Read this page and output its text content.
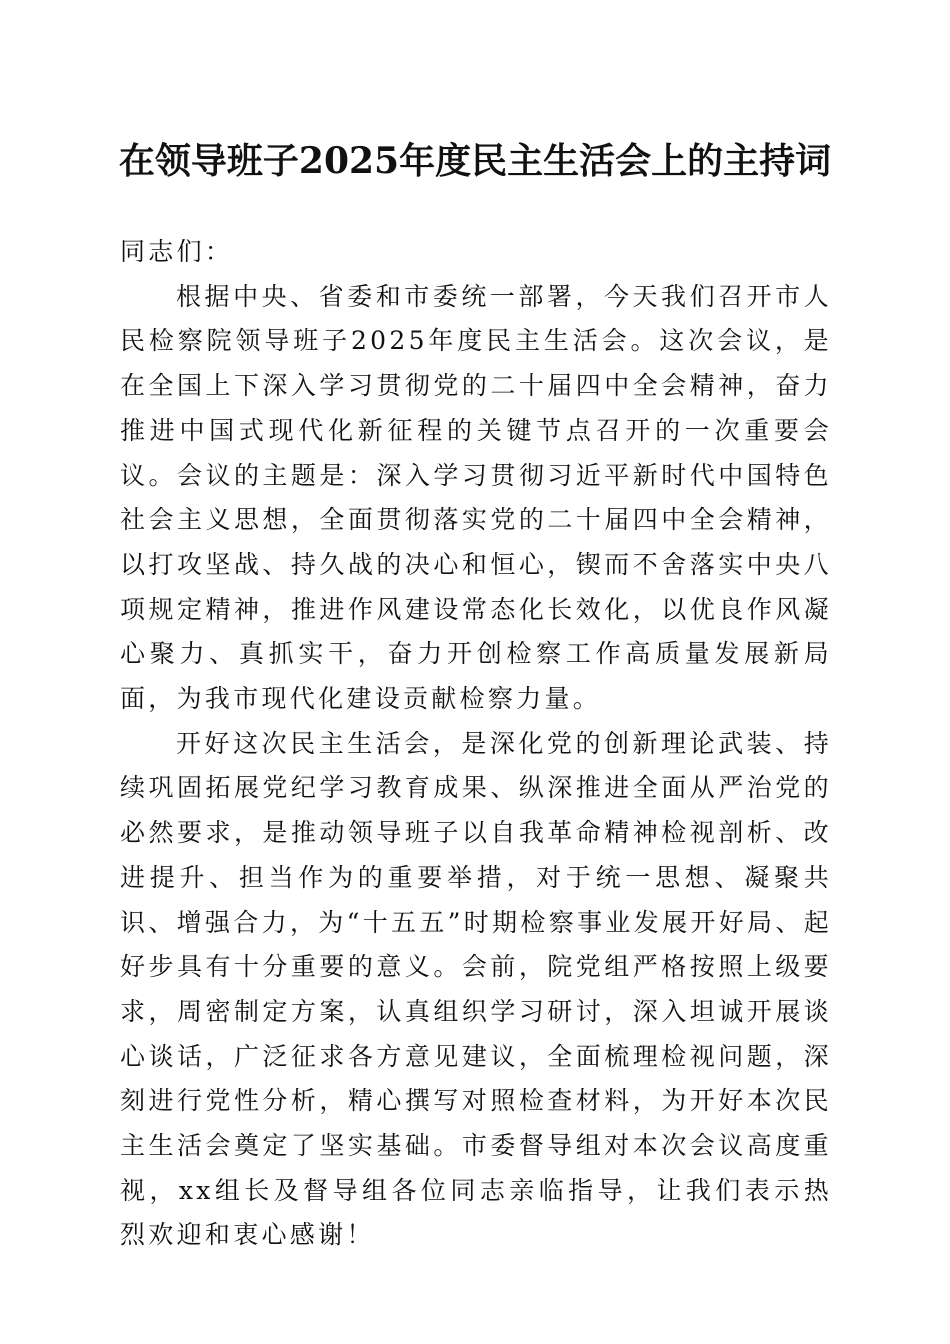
在领导班子2025年度民主生活会上的主持词

同志们：

根据中央、省委和市委统一部署，今天我们召开市人民检察院领导班子2025年度民主生活会。这次会议，是在全国上下深入学习贯彻党的二十届四中全会精神，奋力推进中国式现代化新征程的关键节点召开的一次重要会议。会议的主题是：深入学习贯彻习近平新时代中国特色社会主义思想，全面贯彻落实党的二十届四中全会精神，以打攻坚战、持久战的决心和恒心，锲而不舍落实中央八项规定精神，推进作风建设常态化长效化，以优良作风凝心聚力、真抓实干，奋力开创检察工作高质量发展新局面，为我市现代化建设贡献检察力量。

开好这次民主生活会，是深化党的创新理论武装、持续巩固拓展党纪学习教育成果、纵深推进全面从严治党的必然要求，是推动领导班子以自我革命精神检视剖析、改进提升、担当作为的重要举措，对于统一思想、凝聚共识、增强合力，为“十五五”时期检察事业发展开好局、起好步具有十分重要的意义。会前，院党组严格按照上级要求，周密制定方案，认真组织学习研讨，深入坦诚开展谈心谈话，广泛征求各方意见建议，全面梳理检视问题，深刻进行党性分析，精心撰写对照检查材料，为开好本次民主生活会奠定了坚实基础。市委督导组对本次会议高度重视，xx组长及督导组各位同志亲临指导，让我们表示热烈欢迎和衷心感谢！
